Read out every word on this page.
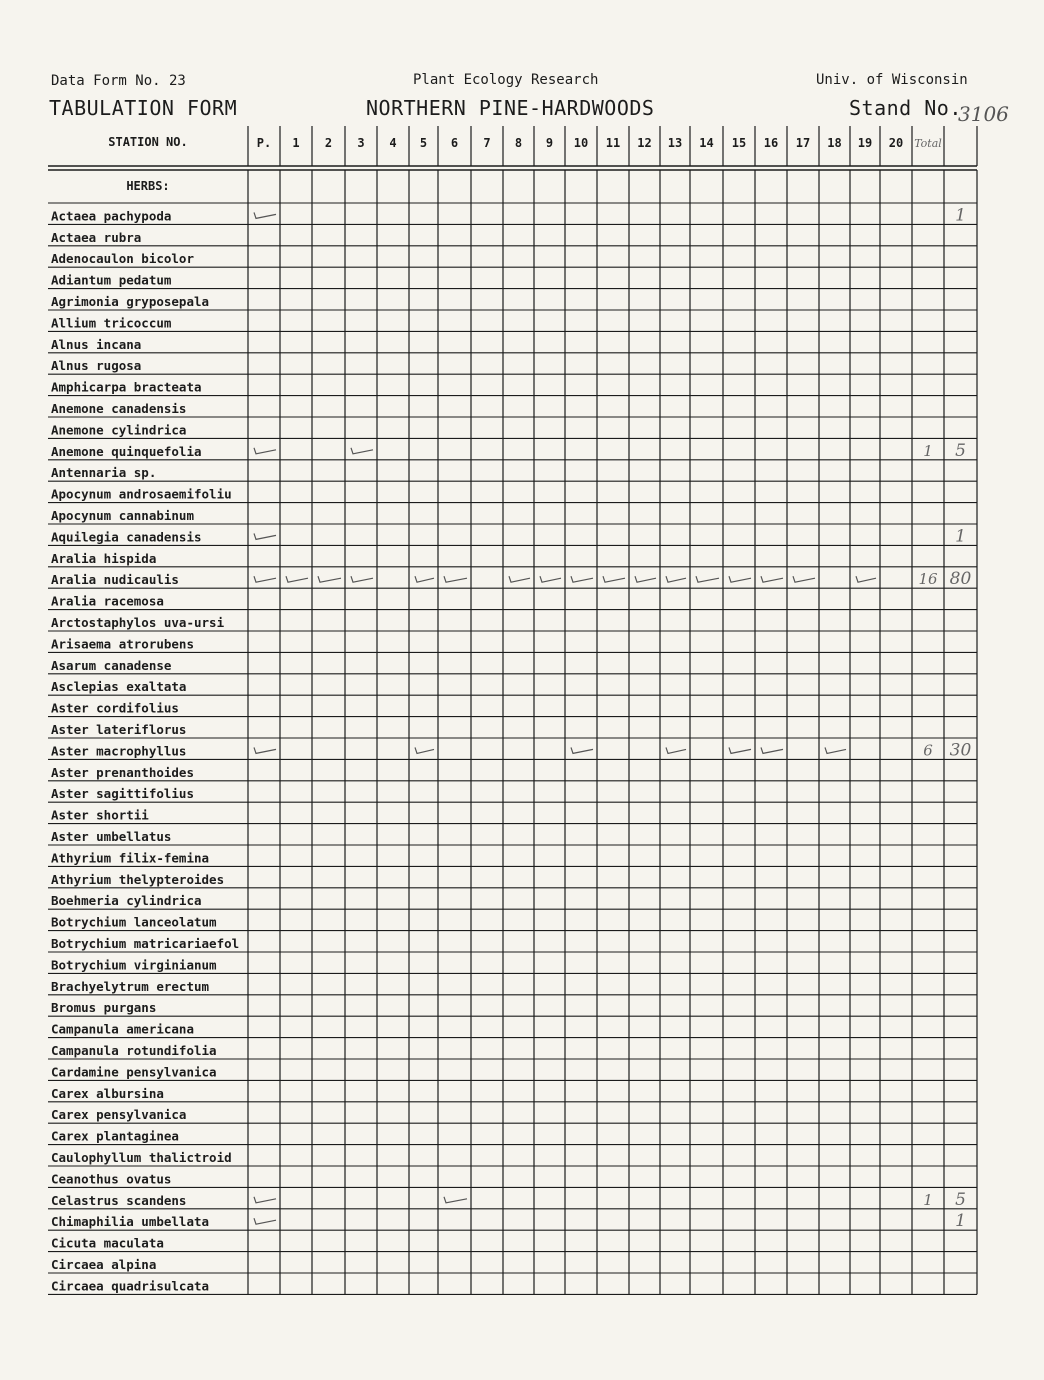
Data Form No. 23
TABULATION FORM
Plant Ecology Research
NORTHERN PINE-HARDWOODS
Univ. of Wisconsin
Stand No.
3106
STATION NO.	P. 1 2 3 4 5 6 7 8 9 10 11 12 13 14 15 16 17 18 19 20 Total
HERBS:
Actaea pachypoda
Actaea rubra
Adenocaulon bicolor
Adiantum pedatum
Agrimonia gryposepala
Allium tricoccum
Alnus incana
Alnus rugosa
Amphicarpa bracteata
Anemone canadensis
Anemone cylindrica
Anemone quinquefolia
Antennaria sp.
Apocynum androsaemifoliu
Apocynum cannabinum
Aquilegia canadensis
Aralia hispida
Aralia nudicaulis
Aralia racemosa
Arctostaphylos uva-ursi
Arisaema atrorubens
Asarum canadense
Asclepias exaltata
Aster cordifolius
Aster lateriflorus
Aster macrophyllus
Aster prenanthoides
Aster sagittifolius
Aster shortii
Aster umbellatus
Athyrium filix-femina
Athyrium thelypteroides
Boehmeria cylindrica
Botrychium lanceolatum
Botrychium matricariaefol
Botrychium virginianum
Brachyelytrum erectum
Bromus purgans
Campanula americana
Campanula rotundifolia
Cardamine pensylvanica
Carex albursina
Carex pensylvanica
Carex plantaginea
Caulophyllum thalictroid
Ceanothus ovatus
Celastrus scandens
Chimaphilia umbellata
Cicuta maculata
Circaea alpina
Circaea quadrisulcata
1
1 5
1
16 80
6 30
1 5
1
